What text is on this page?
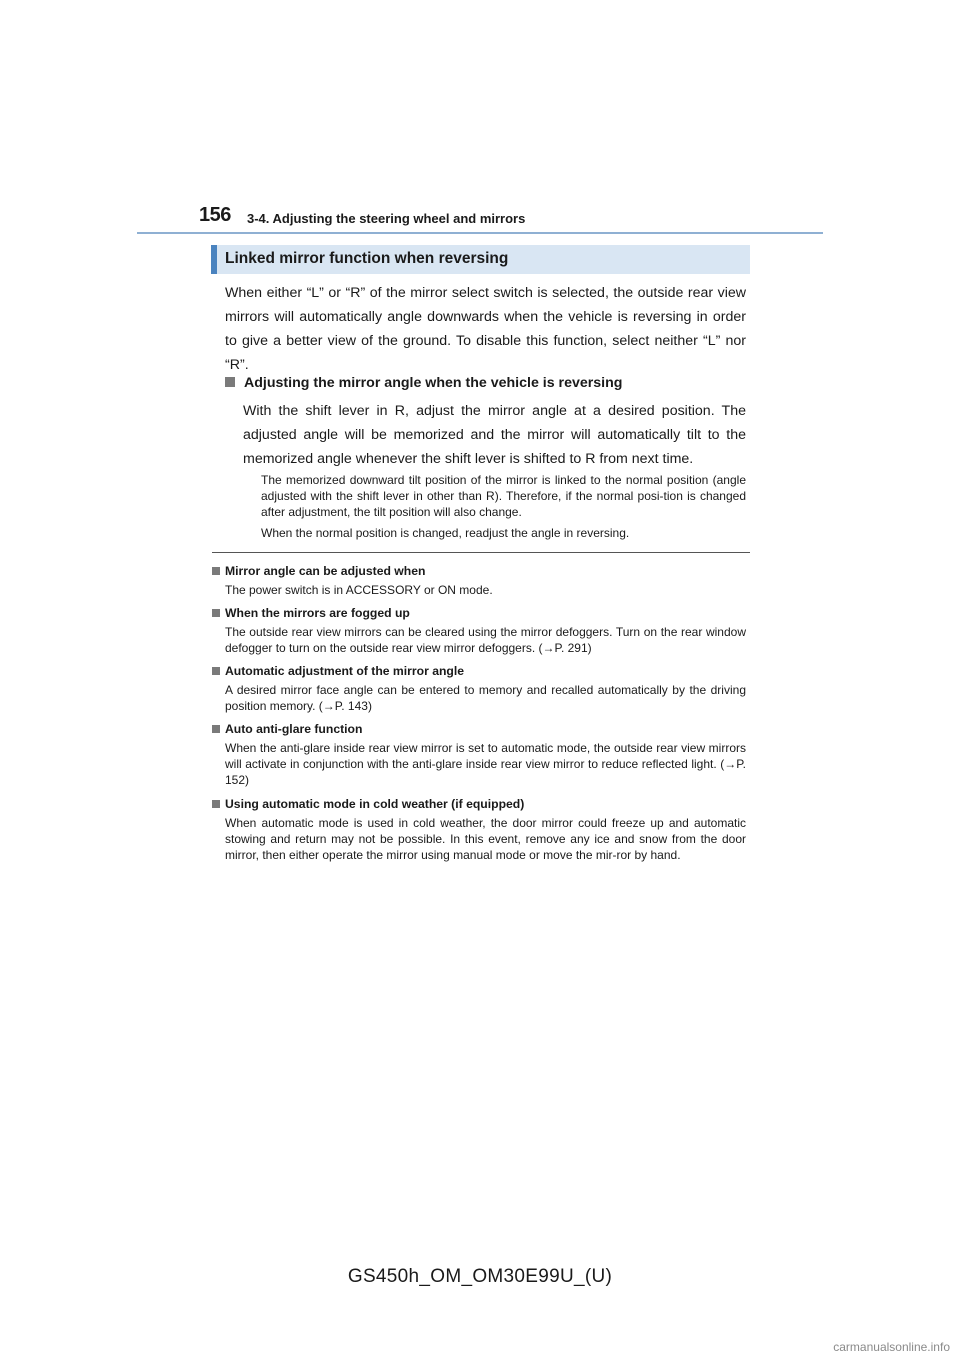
156 3-4. Adjusting the steering wheel and mirrors
Linked mirror function when reversing
When either “L” or “R” of the mirror select switch is selected, the outside rear view mirrors will automatically angle downwards when the vehicle is reversing in order to give a better view of the ground. To disable this function, select neither “L” nor “R”.
Adjusting the mirror angle when the vehicle is reversing
With the shift lever in R, adjust the mirror angle at a desired position. The adjusted angle will be memorized and the mirror will automatically tilt to the memorized angle whenever the shift lever is shifted to R from next time.
The memorized downward tilt position of the mirror is linked to the normal position (angle adjusted with the shift lever in other than R). Therefore, if the normal posi-tion is changed after adjustment, the tilt position will also change.
When the normal position is changed, readjust the angle in reversing.
Mirror angle can be adjusted when
The power switch is in ACCESSORY or ON mode.
When the mirrors are fogged up
The outside rear view mirrors can be cleared using the mirror defoggers. Turn on the rear window defogger to turn on the outside rear view mirror defoggers. (→P. 291)
Automatic adjustment of the mirror angle
A desired mirror face angle can be entered to memory and recalled automatically by the driving position memory. (→P. 143)
Auto anti-glare function
When the anti-glare inside rear view mirror is set to automatic mode, the outside rear view mirrors will activate in conjunction with the anti-glare inside rear view mirror to reduce reflected light. (→P. 152)
Using automatic mode in cold weather (if equipped)
When automatic mode is used in cold weather, the door mirror could freeze up and automatic stowing and return may not be possible. In this event, remove any ice and snow from the door mirror, then either operate the mirror using manual mode or move the mir-ror by hand.
GS450h_OM_OM30E99U_(U)
carmanualsonline.info
